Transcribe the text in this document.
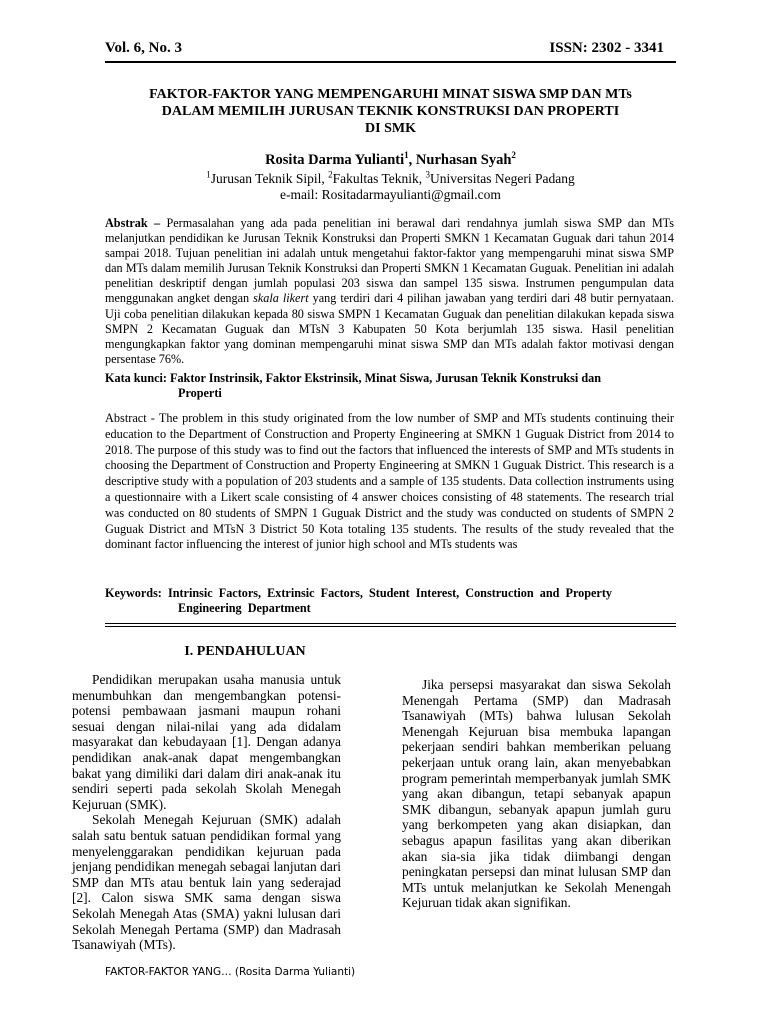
Vol. 6, No. 3	ISSN: 2302 - 3341
FAKTOR-FAKTOR YANG MEMPENGARUHI MINAT SISWA SMP DAN MTs
DALAM MEMILIH JURUSAN TEKNIK KONSTRUKSI DAN PROPERTI
DI SMK
Rosita Darma Yulianti$^1$, Nurhasan Syah$^2$
$^1$Jurusan Teknik Sipil, $^2$Fakultas Teknik, $^3$Universitas Negeri Padang
e-mail: Rositadarmayulianti@gmail.com
Abstrak – Permasalahan yang ada pada penelitian ini berawal dari rendahnya jumlah siswa SMP dan MTs melanjutkan pendidikan ke Jurusan Teknik Konstruksi dan Properti SMKN 1 Kecamatan Guguak dari tahun 2014 sampai 2018. Tujuan penelitian ini adalah untuk mengetahui faktor-faktor yang mempengaruhi minat siswa SMP dan MTs dalam memilih Jurusan Teknik Konstruksi dan Properti SMKN 1 Kecamatan Guguak. Penelitian ini adalah penelitian deskriptif dengan jumlah populasi 203 siswa dan sampel 135 siswa. Instrumen pengumpulan data menggunakan angket dengan skala likert yang terdiri dari 4 pilihan jawaban yang terdiri dari 48 butir pernyataan. Uji coba penelitian dilakukan kepada 80 siswa SMPN 1 Kecamatan Guguak dan penelitian dilakukan kepada siswa SMPN 2 Kecamatan Guguak dan MTsN 3 Kabupaten 50 Kota berjumlah 135 siswa. Hasil penelitian mengungkapkan faktor yang dominan mempengaruhi minat siswa SMP dan MTs adalah faktor motivasi dengan persentase 76%.
Kata kunci: Faktor Instrinsik, Faktor Ekstrinsik, Minat Siswa, Jurusan Teknik Konstruksi dan
Properti
Abstract - The problem in this study originated from the low number of SMP and MTs students continuing their education to the Department of Construction and Property Engineering at SMKN 1 Guguak District from 2014 to 2018. The purpose of this study was to find out the factors that influenced the interests of SMP and MTs students in choosing the Department of Construction and Property Engineering at SMKN 1 Guguak District. This research is a descriptive study with a population of 203 students and a sample of 135 students. Data collection instruments using a questionnaire with a Likert scale consisting of 4 answer choices consisting of 48 statements. The research trial was conducted on 80 students of SMPN 1 Guguak District and the study was conducted on students of SMPN 2 Guguak District and MTsN 3 District 50 Kota totaling 135 students. The results of the study revealed that the dominant factor influencing the interest of junior high school and MTs students was
Keywords:  Intrinsic  Factors,  Extrinsic  Factors,  Student  Interest,  Construction  and  Property
Engineering  Department
I. PENDAHULUAN

Pendidikan merupakan usaha manusia untuk menumbuhkan dan mengembangkan potensi-potensi pembawaan jasmani maupun rohani sesuai dengan nilai-nilai yang ada didalam masyarakat dan kebudayaan [1]. Dengan adanya pendidikan anak-anak dapat mengembangkan bakat yang dimiliki dari dalam diri anak-anak itu sendiri seperti pada sekolah Skolah Menegah Kejuruan (SMK).

Sekolah Menegah Kejuruan (SMK) adalah salah satu bentuk satuan pendidikan formal yang menyelenggarakan pendidikan kejuruan pada jenjang pendidikan menegah sebagai lanjutan dari SMP dan MTs atau bentuk lain yang sederajad [2]. Calon siswa SMK sama dengan siswa Sekolah Menegah Atas (SMA) yakni lulusan dari Sekolah Menegah Pertama (SMP) dan Madrasah Tsanawiyah (MTs).

Jika persepsi masyarakat dan siswa Sekolah Menengah Pertama (SMP) dan Madrasah Tsanawiyah (MTs) bahwa lulusan Sekolah Menengah Kejuruan bisa membuka lapangan pekerjaan sendiri bahkan memberikan peluang pekerjaan untuk orang lain, akan menyebabkan program pemerintah memperbanyak jumlah SMK yang akan dibangun, tetapi sebanyak apapun SMK dibangun, sebanyak apapun jumlah guru yang berkompeten yang akan disiapkan, dan sebagus apapun fasilitas yang akan diberikan akan sia-sia jika tidak diimbangi dengan peningkatan persepsi dan minat lulusan SMP dan MTs untuk melanjutkan ke Sekolah Menengah Kejuruan tidak akan signifikan.

FAKTOR-FAKTOR YANG… (Rosita Darma Yulianti)
